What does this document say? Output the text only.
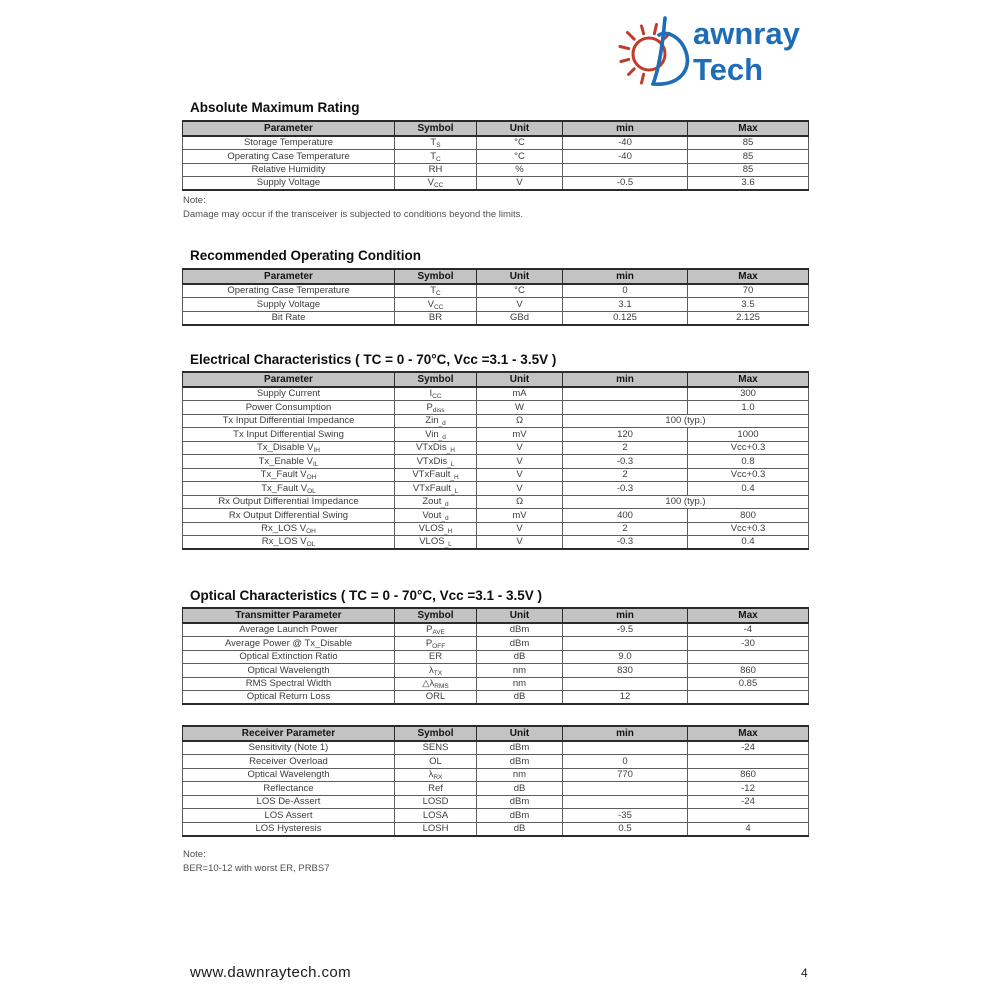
awnray Tech
Absolute Maximum Rating
Parameter	Symbol	Unit	min	Max
Storage Temperature	$T_S$	°C	-40	85
Operating Case Temperature	$T_C$	°C	-40	85
Relative Humidity	RH	%		85
Supply Voltage	$V_{CC}$	V	-0.5	3.6
Note:
Damage may occur if the transceiver is subjected to conditions beyond the limits.
Recommended Operating Condition
Parameter	Symbol	Unit	min	Max
Operating Case Temperature	$T_C$	°C	0	70
Supply Voltage	$V_{CC}$	V	3.1	3.5
Bit Rate	BR	GBd	0.125	2.125
Electrical Characteristics ( TC = 0 - 70°C, Vcc =3.1 - 3.5V )
Parameter	Symbol	Unit	min	Max
Supply Current	$I_{CC}$	mA		300
Power Consumption	$P_{diss}$	W		1.0
Tx Input Differential Impedance	Zin$_{\_d}$	Ω	100 (typ.)	
Tx Input Differential Swing	Vin$_{\_d}$	mV	120	1000
Tx_Disable $V_{IH}$	VTxDis$_{\_H}$	V	2	Vcc+0.3
Tx_Enable $V_{IL}$	VTxDis$_{\_L}$	V	-0.3	0.8
Tx_Fault $V_{OH}$	VTxFault$_{\_H}$	V	2	Vcc+0.3
Tx_Fault $V_{OL}$	VTxFault$_{\_L}$	V	-0.3	0.4
Rx Output Differential Impedance	Zout$_{\_d}$	Ω	100 (typ.)	
Rx Output Differential Swing	Vout$_{\_d}$	mV	400	800
Rx_LOS $V_{OH}$	$VLOS_{\_H}$	V	2	Vcc+0.3
Rx_LOS $V_{OL}$	$VLOS_{\_L}$	V	-0.3	0.4
Optical Characteristics ( TC = 0 - 70°C, Vcc =3.1 - 3.5V )
Transmitter Parameter	Symbol	Unit	min	Max
Average Launch Power	$P_{AVE}$	dBm	-9.5	-4
Average Power @ Tx_Disable	$P_{OFF}$	dBm		-30
Optical Extinction Ratio	ER	dB	9.0	
Optical Wavelength	$\lambda_{TX}$	nm	830	860
RMS Spectral Width	$\triangle\lambda_{RMS}$	nm		0.85
Optical Return Loss	ORL	dB	12	
Receiver Parameter	Symbol	Unit	min	Max
Sensitivity (Note 1)	SENS	dBm		-24
Receiver Overload	OL	dBm	0	
Optical Wavelength	$\lambda_{RX}$	nm	770	860
Reflectance	Ref	dB		-12
LOS De-Assert	LOSD	dBm		-24
LOS Assert	LOSA	dBm	-35	
LOS Hysteresis	LOSH	dB	0.5	4
Note:
BER=10-12 with worst ER, PRBS7
www.dawnraytech.com	4
